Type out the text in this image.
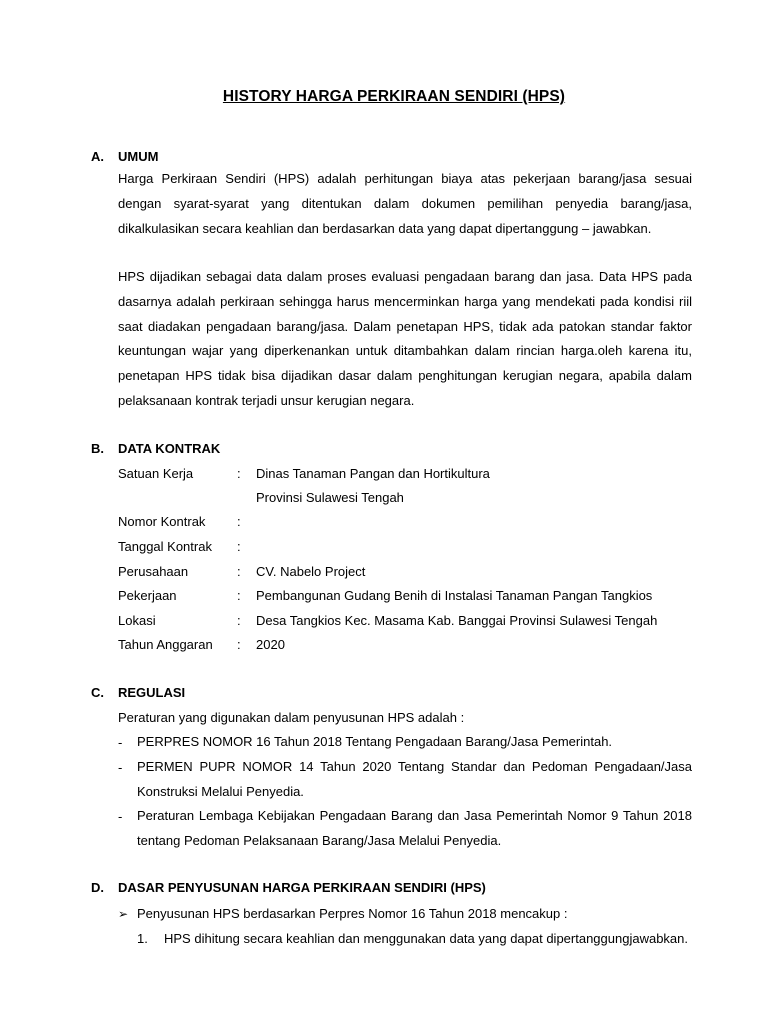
HISTORY HARGA PERKIRAAN SENDIRI (HPS)
A. UMUM
Harga Perkiraan Sendiri (HPS) adalah perhitungan biaya atas pekerjaan barang/jasa sesuai dengan syarat-syarat yang ditentukan dalam dokumen pemilihan penyedia barang/jasa, dikalkulasikan secara keahlian dan berdasarkan data yang dapat dipertanggung – jawabkan.
HPS dijadikan sebagai data dalam proses evaluasi pengadaan barang dan jasa. Data HPS pada dasarnya adalah perkiraan sehingga harus mencerminkan harga yang mendekati pada kondisi riil saat diadakan pengadaan barang/jasa. Dalam penetapan HPS, tidak ada patokan standar faktor keuntungan wajar yang diperkenankan untuk ditambahkan dalam rincian harga.oleh karena itu, penetapan HPS tidak bisa dijadikan dasar dalam penghitungan kerugian negara, apabila dalam pelaksanaan kontrak terjadi unsur kerugian negara.
B. DATA KONTRAK
Satuan Kerja	: Dinas Tanaman Pangan dan Hortikultura
Provinsi Sulawesi Tengah
Nomor Kontrak :
Tanggal Kontrak :
Perusahaan	: CV. Nabelo Project
Pekerjaan	: Pembangunan Gudang Benih di Instalasi Tanaman Pangan Tangkios
Lokasi	: Desa Tangkios Kec. Masama Kab. Banggai Provinsi Sulawesi Tengah
Tahun Anggaran : 2020
C. REGULASI
Peraturan yang digunakan dalam penyusunan HPS adalah :
- PERPRES NOMOR 16 Tahun 2018 Tentang Pengadaan Barang/Jasa Pemerintah.
- PERMEN PUPR NOMOR 14 Tahun 2020 Tentang Standar dan Pedoman Pengadaan/Jasa Konstruksi Melalui Penyedia.
- Peraturan Lembaga Kebijakan Pengadaan Barang dan Jasa Pemerintah Nomor 9 Tahun 2018 tentang Pedoman Pelaksanaan Barang/Jasa Melalui Penyedia.
D. DASAR PENYUSUNAN HARGA PERKIRAAN SENDIRI (HPS)
➢ Penyusunan HPS berdasarkan Perpres Nomor 16 Tahun 2018 mencakup :
1. HPS dihitung secara keahlian dan menggunakan data yang dapat dipertanggungjawabkan.
